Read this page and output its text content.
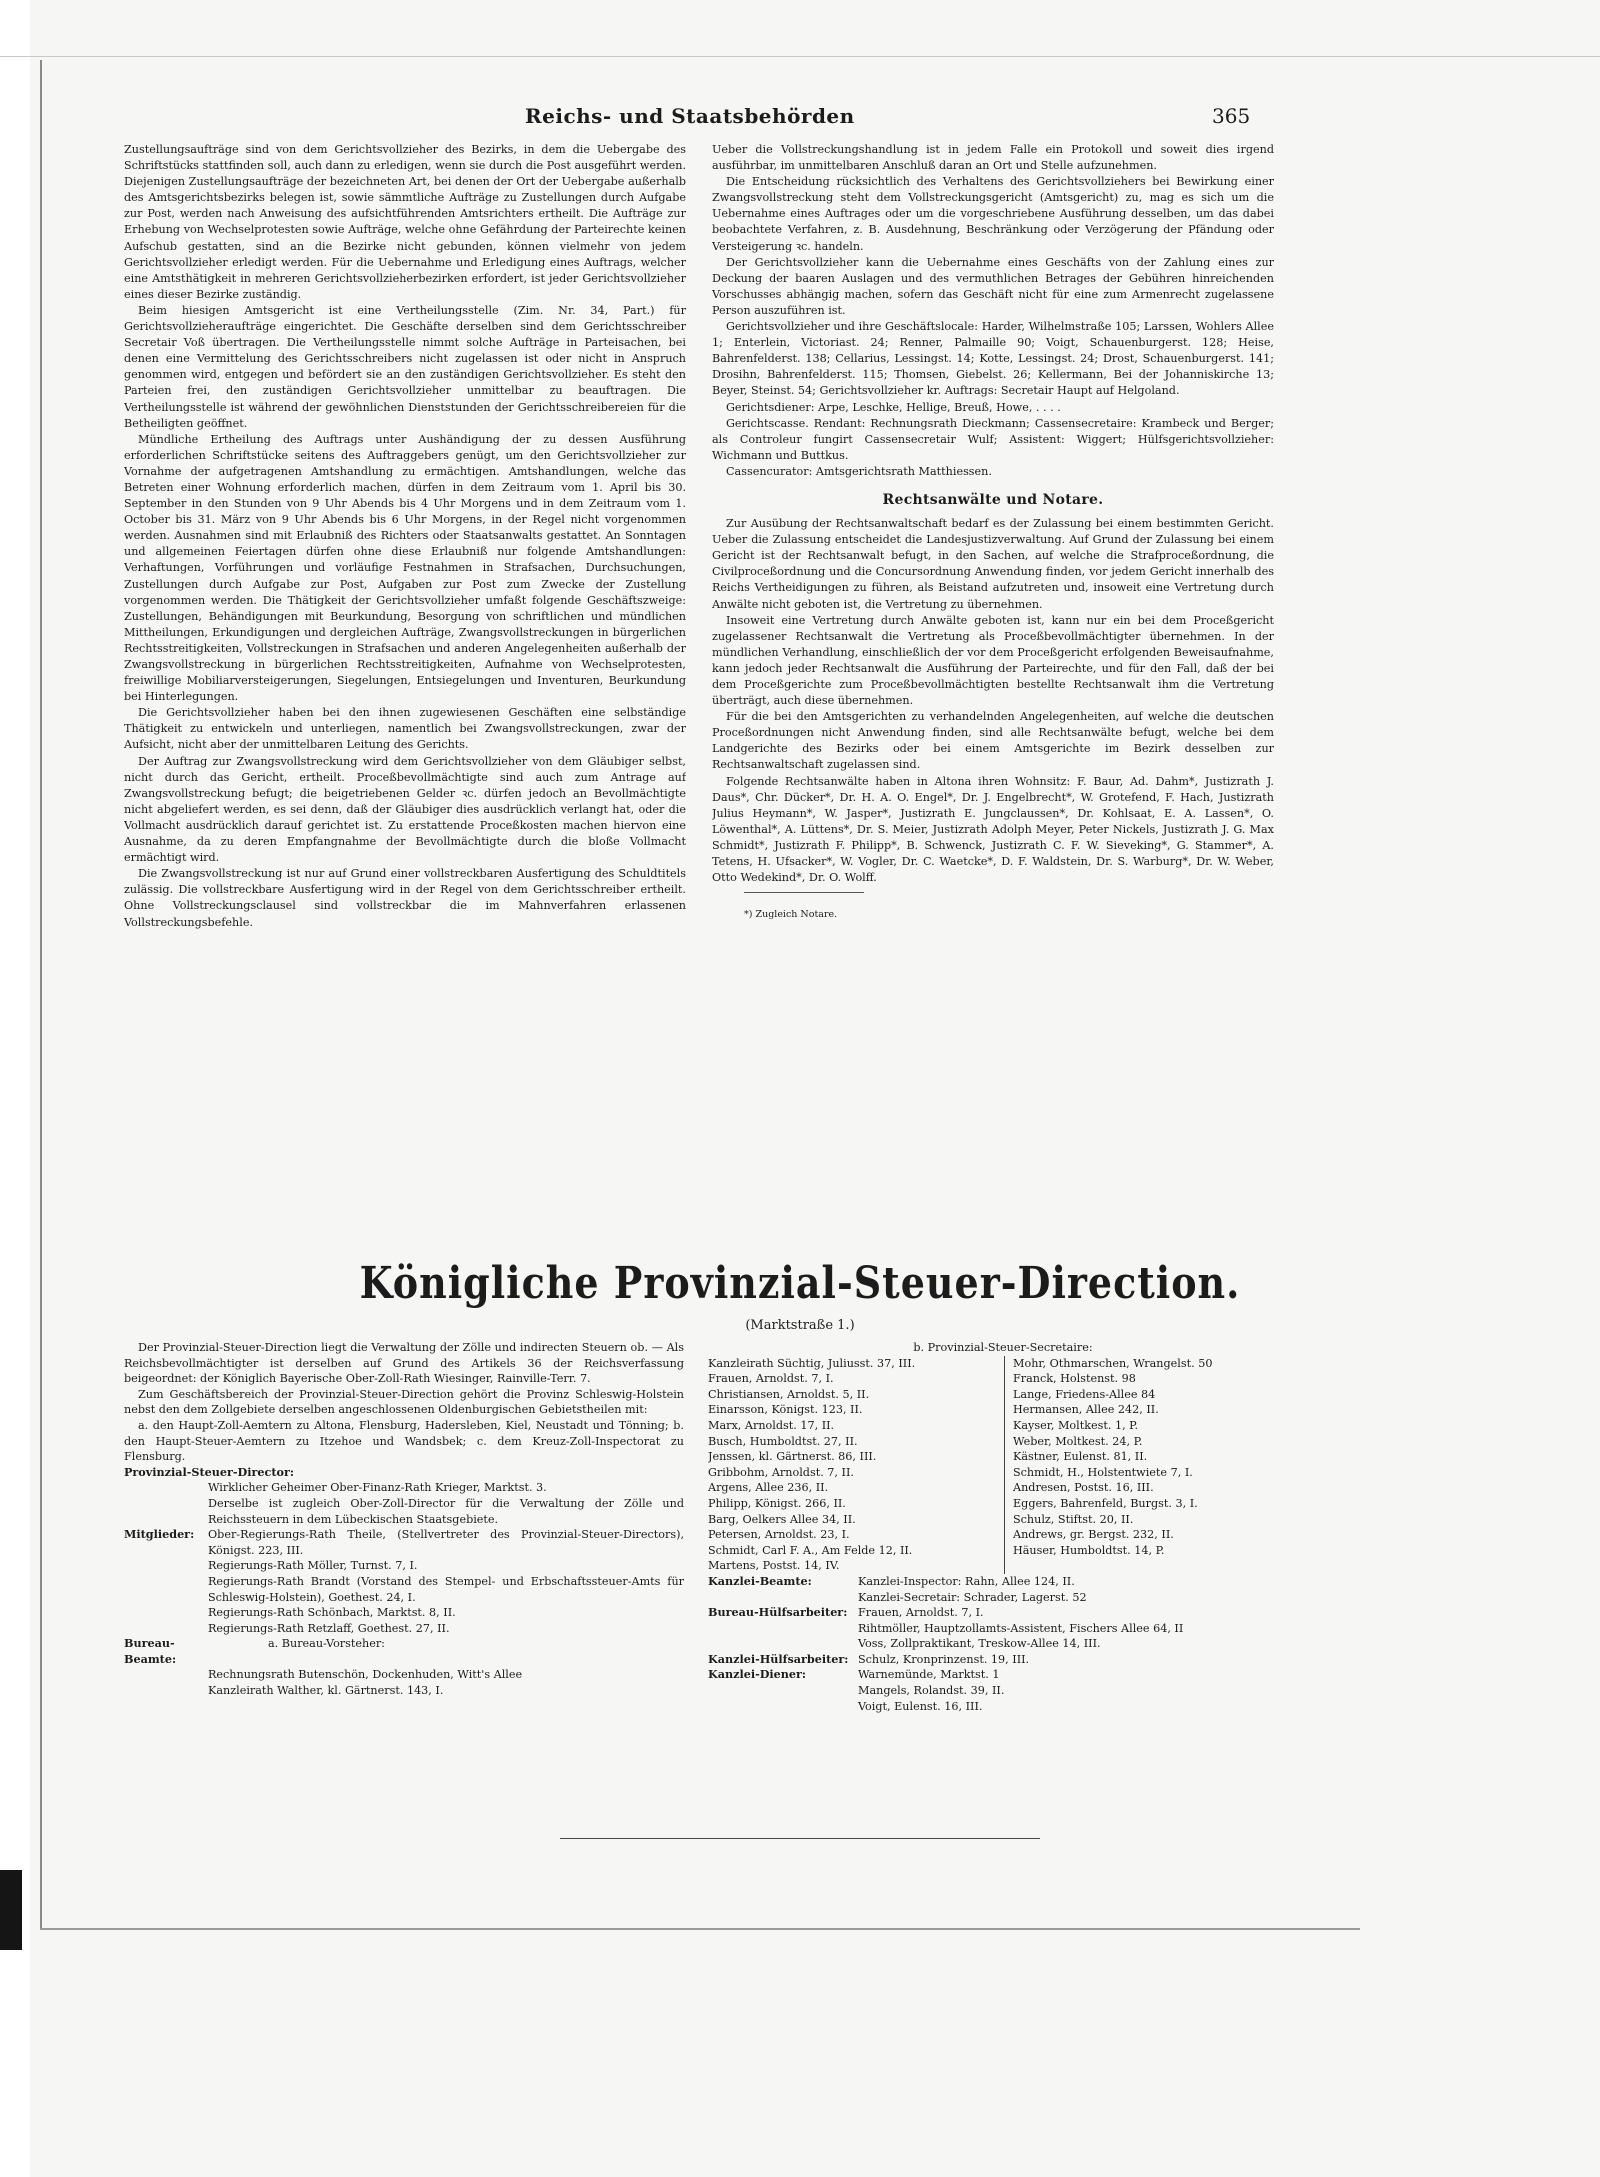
Reichs- und Staatsbehörden	365

Zustellungsaufträge sind von dem Gerichtsvollzieher des Bezirks, in dem die Uebergabe des Schriftstücks stattfinden soll, auch dann zu erledigen, wenn sie durch die Post ausgeführt werden. Diejenigen Zustellungsaufträge der bezeichneten Art, bei denen der Ort der Uebergabe außerhalb des Amtsgerichtsbezirks belegen ist, sowie sämmtliche Aufträge zu Zustellungen durch Aufgabe zur Post, werden nach Anweisung des aufsichtführenden Amtsrichters ertheilt. Die Aufträge zur Erhebung von Wechselprotesten sowie Aufträge, welche ohne Gefährdung der Parteirechte keinen Aufschub gestatten, sind an die Bezirke nicht gebunden, können vielmehr von jedem Gerichtsvollzieher erledigt werden. Für die Uebernahme und Erledigung eines Auftrags, welcher eine Amtsthätigkeit in mehreren Gerichtsvollzieherbezirken erfordert, ist jeder Gerichtsvollzieher eines dieser Bezirke zuständig.

Beim hiesigen Amtsgericht ist eine Vertheilungsstelle (Zim. Nr. 34, Part.) für Gerichtsvollzieheraufträge eingerichtet. Die Geschäfte derselben sind dem Gerichtsschreiber Secretair Voß übertragen. Die Vertheilungsstelle nimmt solche Aufträge in Parteisachen, bei denen eine Vermittelung des Gerichtsschreibers nicht zugelassen ist oder nicht in Anspruch genommen wird, entgegen und befördert sie an den zuständigen Gerichtsvollzieher. Es steht den Parteien frei, den zuständigen Gerichtsvollzieher unmittelbar zu beauftragen. Die Vertheilungsstelle ist während der gewöhnlichen Dienststunden der Gerichtsschreibereien für die Betheiligten geöffnet.

Mündliche Ertheilung des Auftrags unter Aushändigung der zu dessen Ausführung erforderlichen Schriftstücke seitens des Auftraggebers genügt, um den Gerichtsvollzieher zur Vornahme der aufgetragenen Amtshandlung zu ermächtigen. Amtshandlungen, welche das Betreten einer Wohnung erforderlich machen, dürfen in dem Zeitraum vom 1. April bis 30. September in den Stunden von 9 Uhr Abends bis 4 Uhr Morgens und in dem Zeitraum vom 1. October bis 31. März von 9 Uhr Abends bis 6 Uhr Morgens, in der Regel nicht vorgenommen werden. Ausnahmen sind mit Erlaubniß des Richters oder Staatsanwalts gestattet. An Sonntagen und allgemeinen Feiertagen dürfen ohne diese Erlaubniß nur folgende Amtshandlungen: Verhaftungen, Vorführungen und vorläufige Festnahmen in Strafsachen, Durchsuchungen, Zustellungen durch Aufgabe zur Post, Aufgaben zur Post zum Zwecke der Zustellung vorgenommen werden. Die Thätigkeit der Gerichtsvollzieher umfaßt folgende Geschäftszweige: Zustellungen, Behändigungen mit Beurkundung, Besorgung von schriftlichen und mündlichen Mittheilungen, Erkundigungen und dergleichen Aufträge, Zwangsvollstreckungen in bürgerlichen Rechtsstreitigkeiten, Vollstreckungen in Strafsachen und anderen Angelegenheiten außerhalb der Zwangsvollstreckung in bürgerlichen Rechtsstreitigkeiten, Aufnahme von Wechselprotesten, freiwillige Mobiliarversteigerungen, Siegelungen, Entsiegelungen und Inventuren, Beurkundung bei Hinterlegungen.

Die Gerichtsvollzieher haben bei den ihnen zugewiesenen Geschäften eine selbständige Thätigkeit zu entwickeln und unterliegen, namentlich bei Zwangsvollstreckungen, zwar der Aufsicht, nicht aber der unmittelbaren Leitung des Gerichts.

Der Auftrag zur Zwangsvollstreckung wird dem Gerichtsvollzieher von dem Gläubiger selbst, nicht durch das Gericht, ertheilt. Proceßbevollmächtigte sind auch zum Antrage auf Zwangsvollstreckung befugt; die beigetriebenen Gelder ꝛc. dürfen jedoch an Bevollmächtigte nicht abgeliefert werden, es sei denn, daß der Gläubiger dies ausdrücklich verlangt hat, oder die Vollmacht ausdrücklich darauf gerichtet ist. Zu erstattende Proceßkosten machen hiervon eine Ausnahme, da zu deren Empfangnahme der Bevollmächtigte durch die bloße Vollmacht ermächtigt wird.

Die Zwangsvollstreckung ist nur auf Grund einer vollstreckbaren Ausfertigung des Schuldtitels zulässig. Die vollstreckbare Ausfertigung wird in der Regel von dem Gerichtsschreiber ertheilt. Ohne Vollstreckungsclausel sind vollstreckbar die im Mahnverfahren erlassenen Vollstreckungsbefehle.

Ueber die Vollstreckungshandlung ist in jedem Falle ein Protokoll und soweit dies irgend ausführbar, im unmittelbaren Anschluß daran an Ort und Stelle aufzunehmen.

Die Entscheidung rücksichtlich des Verhaltens des Gerichtsvollziehers bei Bewirkung einer Zwangsvollstreckung steht dem Vollstreckungsgericht (Amtsgericht) zu, mag es sich um die Uebernahme eines Auftrages oder um die vorgeschriebene Ausführung desselben, um das dabei beobachtete Verfahren, z. B. Ausdehnung, Beschränkung oder Verzögerung der Pfändung oder Versteigerung ꝛc. handeln.

Der Gerichtsvollzieher kann die Uebernahme eines Geschäfts von der Zahlung eines zur Deckung der baaren Auslagen und des vermuthlichen Betrages der Gebühren hinreichenden Vorschusses abhängig machen, sofern das Geschäft nicht für eine zum Armenrecht zugelassene Person auszuführen ist.

Gerichtsvollzieher und ihre Geschäftslocale: Harder, Wilhelmstraße 105; Larssen, Wohlers Allee 1; Enterlein, Victoriast. 24; Renner, Palmaille 90; Voigt, Schauenburgerst. 128; Heise, Bahrenfelderst. 138; Cellarius, Lessingst. 14; Kotte, Lessingst. 24; Drost, Schauenburgerst. 141; Drosihn, Bahrenfelderst. 115; Thomsen, Giebelst. 26; Kellermann, Bei der Johanniskirche 13; Beyer, Steinst. 54; Gerichtsvollzieher kr. Auftrags: Secretair Haupt auf Helgoland.

Gerichtsdiener: Arpe, Leschke, Hellige, Breuß, Howe, . . . .

Gerichtscasse. Rendant: Rechnungsrath Dieckmann; Cassensecretaire: Krambeck und Berger; als Controleur fungirt Cassensecretair Wulf; Assistent: Wiggert; Hülfsgerichtsvollzieher: Wichmann und Buttkus.

Cassencurator: Amtsgerichtsrath Matthiessen.

Rechtsanwälte und Notare.

Zur Ausübung der Rechtsanwaltschaft bedarf es der Zulassung bei einem bestimmten Gericht. Ueber die Zulassung entscheidet die Landesjustizverwaltung. Auf Grund der Zulassung bei einem Gericht ist der Rechtsanwalt befugt, in den Sachen, auf welche die Strafproceßordnung, die Civilproceßordnung und die Concursordnung Anwendung finden, vor jedem Gericht innerhalb des Reichs Vertheidigungen zu führen, als Beistand aufzutreten und, insoweit eine Vertretung durch Anwälte nicht geboten ist, die Vertretung zu übernehmen.

Insoweit eine Vertretung durch Anwälte geboten ist, kann nur ein bei dem Proceßgericht zugelassener Rechtsanwalt die Vertretung als Proceßbevollmächtigter übernehmen. In der mündlichen Verhandlung, einschließlich der vor dem Proceßgericht erfolgenden Beweisaufnahme, kann jedoch jeder Rechtsanwalt die Ausführung der Parteirechte, und für den Fall, daß der bei dem Proceßgerichte zum Proceßbevollmächtigten bestellte Rechtsanwalt ihm die Vertretung überträgt, auch diese übernehmen.

Für die bei den Amtsgerichten zu verhandelnden Angelegenheiten, auf welche die deutschen Proceßordnungen nicht Anwendung finden, sind alle Rechtsanwälte befugt, welche bei dem Landgerichte des Bezirks oder bei einem Amtsgerichte im Bezirk desselben zur Rechtsanwaltschaft zugelassen sind.

Folgende Rechtsanwälte haben in Altona ihren Wohnsitz: F. Baur, Ad. Dahm*, Justizrath J. Daus*, Chr. Dücker*, Dr. H. A. O. Engel*, Dr. J. Engelbrecht*, W. Grotefend, F. Hach, Justizrath Julius Heymann*, W. Jasper*, Justizrath E. Jungclaussen*, Dr. Kohlsaat, E. A. Lassen*, O. Löwenthal*, A. Lüttens*, Dr. S. Meier, Justizrath Adolph Meyer, Peter Nickels, Justizrath J. G. Max Schmidt*, Justizrath F. Philipp*, B. Schwenck, Justizrath C. F. W. Sieveking*, G. Stammer*, A. Tetens, H. Ufsacker*, W. Vogler, Dr. C. Waetcke*, D. F. Waldstein, Dr. S. Warburg*, Dr. W. Weber, Otto Wedekind*, Dr. O. Wolff.

*) Zugleich Notare.
Königliche Provinzial-Steuer-Direction.
(Marktstraße 1.)

Der Provinzial-Steuer-Direction liegt die Verwaltung der Zölle und indirecten Steuern ob. — Als Reichsbevollmächtigter ist derselben auf Grund des Artikels 36 der Reichsverfassung beigeordnet: der Königlich Bayerische Ober-Zoll-Rath Wiesinger, Rainville-Terr. 7.

Zum Geschäftsbereich der Provinzial-Steuer-Direction gehört die Provinz Schleswig-Holstein nebst den dem Zollgebiete derselben angeschlossenen Oldenburgischen Gebietstheilen mit:

a. den Haupt-Zoll-Aemtern zu Altona, Flensburg, Hadersleben, Kiel, Neustadt und Tönning; b. den Haupt-Steuer-Aemtern zu Itzehoe und Wandsbek; c. dem Kreuz-Zoll-Inspectorat zu Flensburg.

Provinzial-Steuer-Director:
Wirklicher Geheimer Ober-Finanz-Rath Krieger, Marktst. 3.
Derselbe ist zugleich Ober-Zoll-Director für die Verwaltung der Zölle und Reichssteuern in dem Lübeckischen Staatsgebiete.
Mitglieder:	Ober-Regierungs-Rath Theile, (Stellvertreter des Provinzial-Steuer-Directors), Königst. 223, III.
Regierungs-Rath Möller, Turnst. 7, I.
Regierungs-Rath Brandt (Vorstand des Stempel- und Erbschaftssteuer-Amts für Schleswig-Holstein), Goethest. 24, I.
Regierungs-Rath Schönbach, Marktst. 8, II.
Regierungs-Rath Retzlaff, Goethest. 27, II.
Bureau-Beamte:
a. Bureau-Vorsteher:
Rechnungsrath Butenschön, Dockenhuden, Witt's Allee
Kanzleirath Walther, kl. Gärtnerst. 143, I.
b. Provinzial-Steuer-Secretaire:
Kanzleirath Süchtig, Juliusst. 37, III.
Frauen, Arnoldst. 7, I.
Christiansen, Arnoldst. 5, II.
Einarsson, Königst. 123, II.
Marx, Arnoldst. 17, II.
Busch, Humboldtst. 27, II.
Jenssen, kl. Gärtnerst. 86, III.
Gribbohm, Arnoldst. 7, II.
Argens, Allee 236, II.
Philipp, Königst. 266, II.
Barg, Oelkers Allee 34, II.
Petersen, Arnoldst. 23, I.
Schmidt, Carl F. A., Am Felde 12, II.
Martens, Postst. 14, IV.
Mohr, Othmarschen, Wrangelst. 50
Franck, Holstenst. 98
Lange, Friedens-Allee 84
Hermansen, Allee 242, II.
Kayser, Moltkest. 1, P.
Weber, Moltkest. 24, P.
Kästner, Eulenst. 81, II.
Schmidt, H., Holstentwiete 7, I.
Andresen, Postst. 16, III.
Eggers, Bahrenfeld, Burgst. 3, I.
Schulz, Stiftst. 20, II.
Andrews, gr. Bergst. 232, II.
Häuser, Humboldtst. 14, P.
Kanzlei-Beamte:	Kanzlei-Inspector: Rahn, Allee 124, II.
Kanzlei-Secretair: Schrader, Lagerst. 52
Bureau-Hülfsarbeiter: Frauen, Arnoldst. 7, I.
Rihtmöller, Hauptzollamts-Assistent, Fischers Allee 64, II
Voss, Zollpraktikant, Treskow-Allee 14, III.
Kanzlei-Hülfsarbeiter: Schulz, Kronprinzenst. 19, III.
Kanzlei-Diener:	Warnemünde, Marktst. 1
Mangels, Rolandst. 39, II.
Voigt, Eulenst. 16, III.
